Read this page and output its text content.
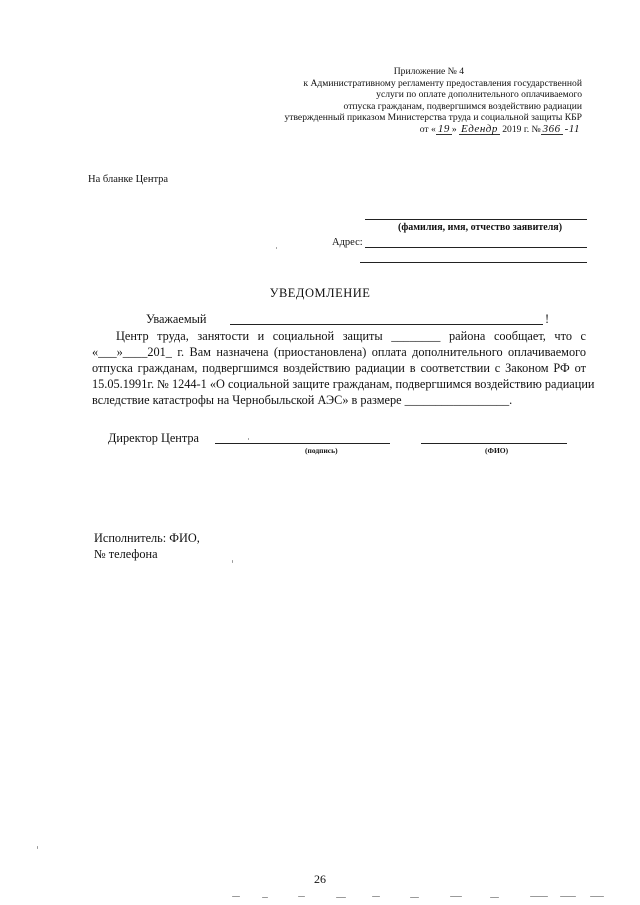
Приложение № 4
к Административному регламенту предоставления государственной
услуги по оплате дополнительного оплачиваемого
отпуска гражданам, подвергшимся воздействию радиации
утвержденный приказом Министерства труда и социальной защиты КБР
от « 19 » Едендр 2019 г. № 366 -11
На бланке Центра
(фамилия, имя, отчество заявителя)
Адрес:
УВЕДОМЛЕНИЕ
Уважаемый	!
Центр труда, занятости и социальной защиты ________ района сообщает, что с
«___»____201_ г. Вам назначена (приостановлена) оплата дополнительного оплачиваемого
отпуска гражданам, подвергшимся воздействию радиации в соответствии с Законом РФ от
15.05.1991г. № 1244-1 «О социальной защите гражданам, подвергшимся воздействию радиации
вследствие катастрофы на Чернобыльской АЭС» в размере _________________.
Директор Центра
(подпись)	(ФИО)
Исполнитель: ФИО,
№ телефона
26
